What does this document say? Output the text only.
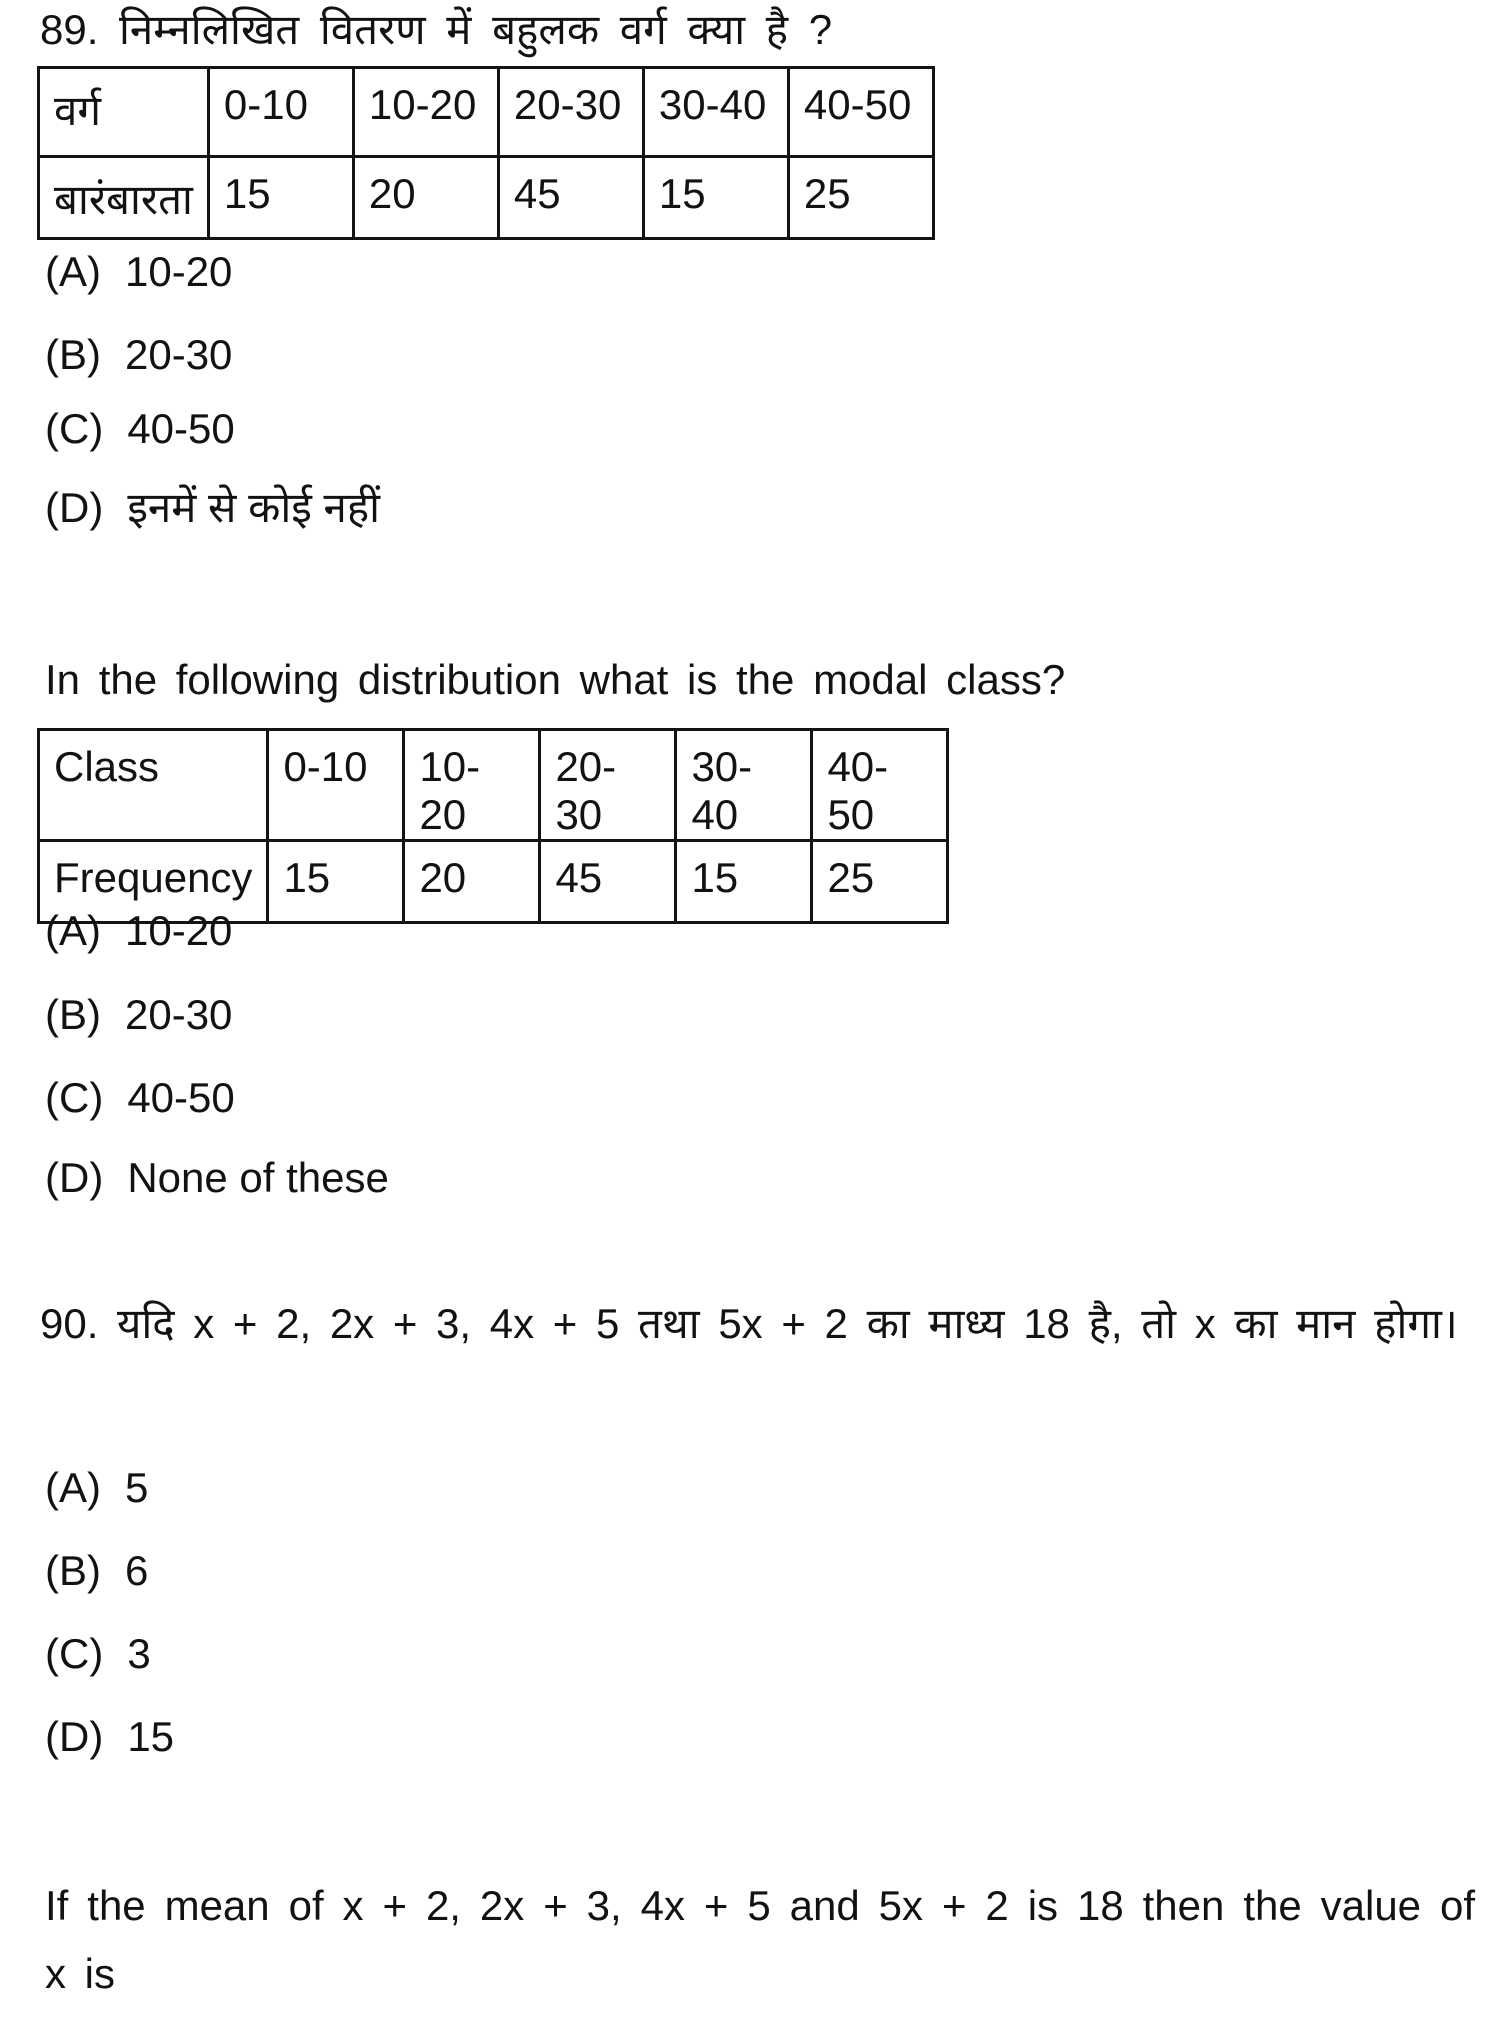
89. निम्नलिखित वितरण में बहुलक वर्ग क्या है ?

वर्ग	0-10	10-20	20-30	30-40	40-50
बारंबारता	15	20	45	15	25

(A) 10-20

(B) 20-30

(C) 40-50

(D) इनमें से कोई नहीं

In the following distribution what is the modal class?

Class	0-10	10-20	20-30	30-40	40-50
Frequency	15	20	45	15	25

(A) 10-20

(B) 20-30

(C) 40-50

(D) None of these

90. यदि x + 2, 2x + 3, 4x + 5 तथा 5x + 2 का माध्य 18 है, तो x का मान होगा।

(A) 5

(B) 6

(C) 3

(D) 15

If the mean of x + 2, 2x + 3, 4x + 5 and 5x + 2 is 18 then the value of x is
